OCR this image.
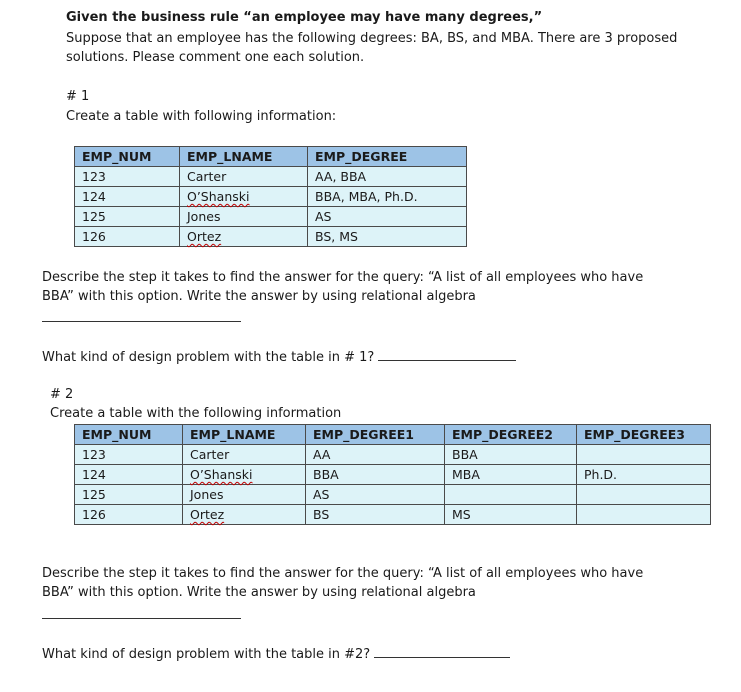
Given the business rule “an employee may have many degrees,”
Suppose that an employee has the following degrees: BA, BS, and MBA. There are 3 proposed
solutions. Please comment one each solution.
# 1
Create a table with following information:
EMP_NUM	EMP_LNAME	EMP_DEGREE
123	Carter	AA, BBA
124	O’Shanski	BBA, MBA, Ph.D.
125	Jones	AS
126	Ortez	BS, MS
Describe the step it takes to find the answer for the query: “A list of all employees who have
BBA” with this option. Write the answer by using relational algebra
What kind of design problem with the table in # 1?
# 2
Create a table with the following information
EMP_NUM	EMP_LNAME	EMP_DEGREE1	EMP_DEGREE2	EMP_DEGREE3
123	Carter	AA	BBA	
124	O’Shanski	BBA	MBA	Ph.D.
125	Jones	AS		
126	Ortez	BS	MS	
Describe the step it takes to find the answer for the query: “A list of all employees who have
BBA” with this option. Write the answer by using relational algebra
What kind of design problem with the table in #2?
